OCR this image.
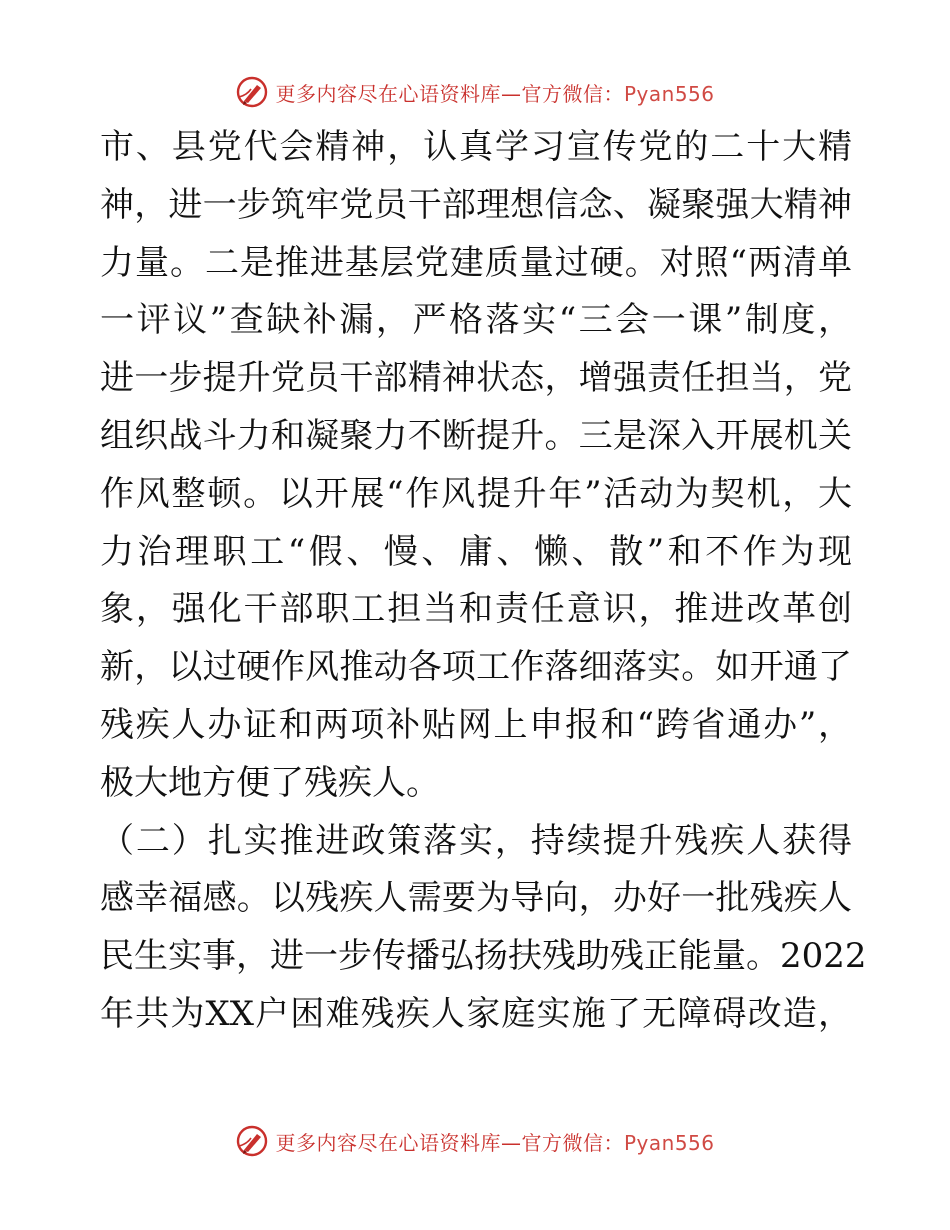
更多内容尽在心语资料库—官方微信：Pyan556
市、县党代会精神，认真学习宣传党的二十大精
神，进一步筑牢党员干部理想信念、凝聚强大精神
力量。二是推进基层党建质量过硬。对照“两清单
一评议”查缺补漏，严格落实“三会一课”制度，
进一步提升党员干部精神状态，增强责任担当，党
组织战斗力和凝聚力不断提升。三是深入开展机关
作风整顿。以开展“作风提升年”活动为契机，大
力治理职工“假、慢、庸、懒、散”和不作为现
象，强化干部职工担当和责任意识，推进改革创
新，以过硬作风推动各项工作落细落实。如开通了
残疾人办证和两项补贴网上申报和“跨省通办”，
极大地方便了残疾人。
（二）扎实推进政策落实，持续提升残疾人获得
感幸福感。以残疾人需要为导向，办好一批残疾人
民生实事，进一步传播弘扬扶残助残正能量。2022
年共为XX户困难残疾人家庭实施了无障碍改造，
更多内容尽在心语资料库—官方微信：Pyan556
